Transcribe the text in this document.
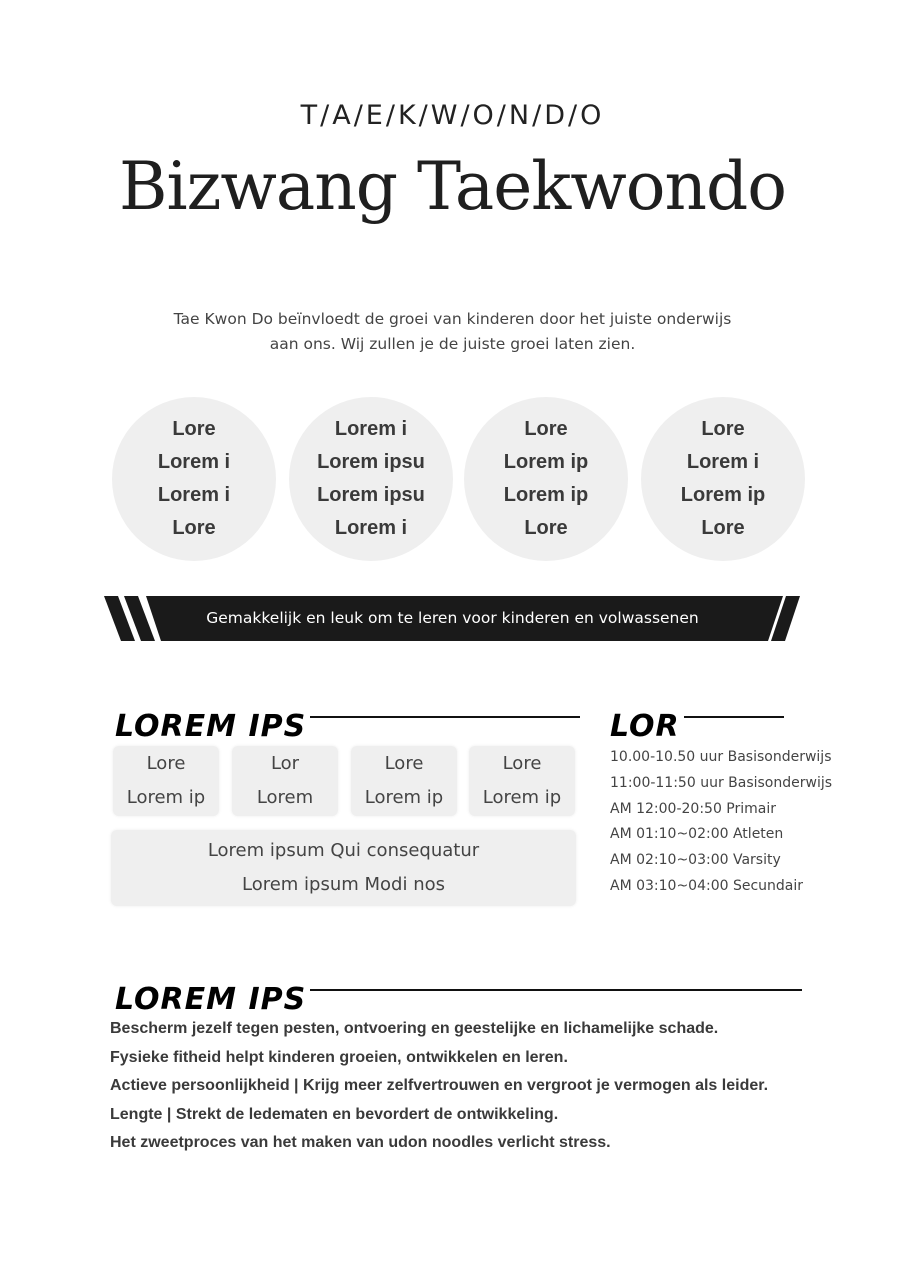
T/A/E/K/W/O/N/D/O
Bizwang Taekwondo
Tae Kwon Do beïnvloedt de groei van kinderen door het juiste onderwijs
aan ons. Wij zullen je de juiste groei laten zien.
Lore
Lorem i
Lorem i
Lore
Lorem i
Lorem ipsu
Lorem ipsu
Lorem i
Lore
Lorem ip
Lorem ip
Lore
Lore
Lorem i
Lorem ip
Lore
Gemakkelijk en leuk om te leren voor kinderen en volwassenen
LOREM IPS
Lore
Lorem ip
Lor
Lorem
Lore
Lorem ip
Lore
Lorem ip
Lorem ipsum Qui consequatur
Lorem ipsum Modi nos
LOR
10.00-10.50 uur Basisonderwijs
11:00-11:50 uur Basisonderwijs
AM 12:00-20:50 Primair
AM 01:10~02:00 Atleten
AM 02:10~03:00 Varsity
AM 03:10~04:00 Secundair
LOREM IPS
Bescherm jezelf tegen pesten, ontvoering en geestelijke en lichamelijke schade.
Fysieke fitheid helpt kinderen groeien, ontwikkelen en leren.
Actieve persoonlijkheid | Krijg meer zelfvertrouwen en vergroot je vermogen als leider.
Lengte | Strekt de ledematen en bevordert de ontwikkeling.
Het zweetproces van het maken van udon noodles verlicht stress.
